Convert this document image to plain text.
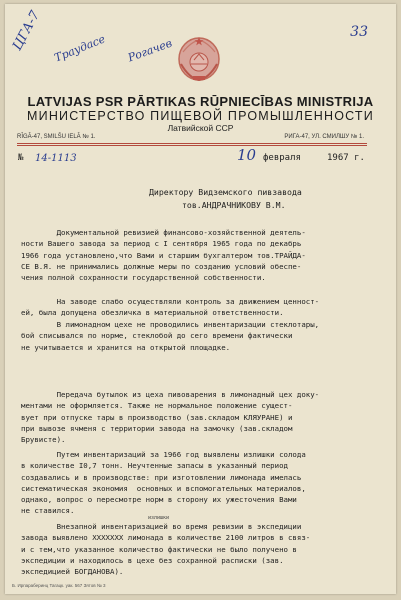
ЦГА-7 Траудасе Рогачев
33
LATVIJAS PSR PĀRTIKAS RŪPNIECĪBAS MINISTRIJA
МИНИСТЕРСТВО ПИЩЕВОЙ ПРОМЫШЛЕННОСТИ
Латвийской ССР
RĪGĀ-47, SMILŠU IELĀ № 1.	РИГА-47, УЛ. СМИЛШУ № 1.
№ 14-1113	10 февраля	1967 г.
Директору Видземского пивзавода
тов.АНДРАЧНИКОВУ В.М.
Документальной ревизией финансово-хозяйственной деятель-
ности Вашего завода за период с I сентября 1965 года по декабрь
1966 года установлено,что Вами и старшим бухгалтером тов.ТРАЙДА-
СЕ В.Я. не принимались должные меры по созданию условий обеспе-
чения полной сохранности государственной собственности.
На заводе слабо осуществляли контроль за движением ценност-
ей, была допущена обезличка в материальной ответственности.
В лимонадном цехе не проводились инвентаризации стеклотары,
бой списывался по норме, стеклобой до сего времени фактически
не учитывается и хранится на открытой площадке.
Передача бутылок из цеха пивоварения в лимонадный цех доку-
ментами не оформляется. Также не нормальное положение сущест-
вует при отпуске тары в производство (зав.складом КЛЯУРАНЕ) и
при вывозе ячменя с территории завода на замочку (зав.складом
Брувисте).
Путем инвентаризаций за 1966 год выявлены излишки солода
в количестве I0,7 тонн. Неучтенные запасы в указанный период
создавались и в производстве: при изготовлении лимонада имелась
систематическая экономия  основных и вспомогательных материалов,
однако, вопрос о пересмотре норм в сторону их ужесточения Вами
не ставился.
излишки
Внезапной инвентаризацией во время ревизии в экспедиции
завода выявлено ХХХХХХХ лимонада в количестве 2100 литров в связ-
и с тем,что указанное количество фактически не было получено в
экспедиции и находилось в цехе без сохранной расписки (зав.
экспедицией БОГДАНОВА).
Б. Ирпараберинц Тагацк. уак. 567 Зятов № 3
